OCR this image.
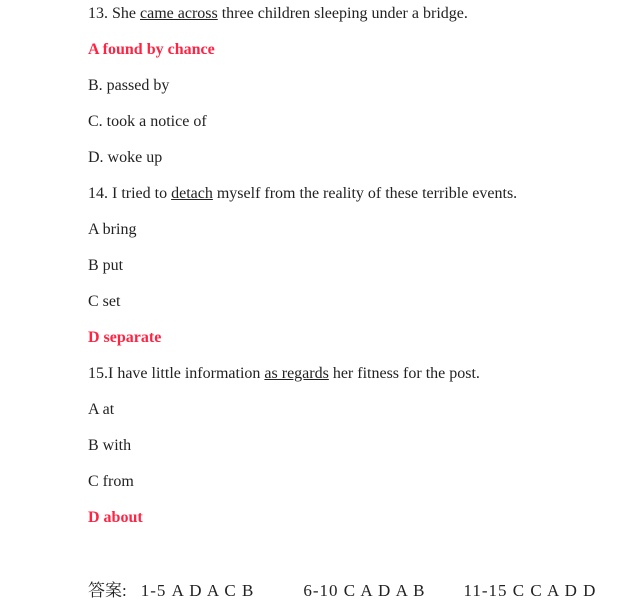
13. She came across three children sleeping under a bridge.

A found by chance

B. passed by

C. took a notice of

D. woke up

14. I tried to detach myself from the reality of these terrible events.

A bring

B put

C set

D separate

15.I have little information as regards her fitness for the post.

A at

B with

C from

D about

答案: 1-5 A D A C B	6-10 C A D A B 11-15 C C A D D
